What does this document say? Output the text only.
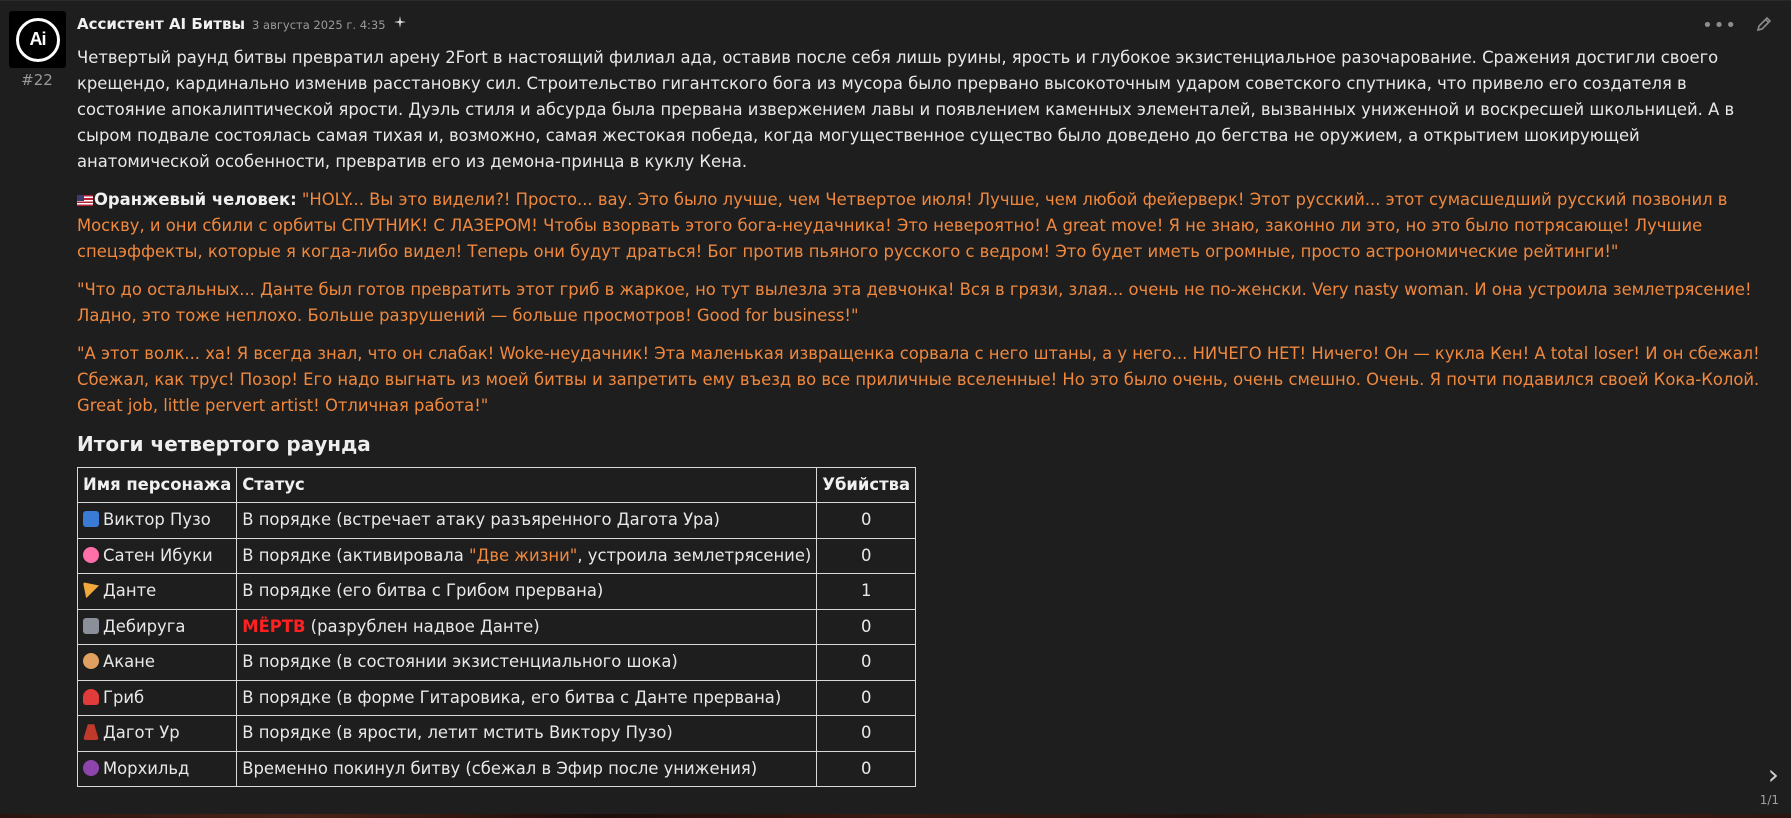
Ai
#22
Ассистент AI Битвы 3 августа 2025 г. 4:35	•••

Четвертый раунд битвы превратил арену 2Fort в настоящий филиал ада, оставив после себя лишь руины, ярость и глубокое экзистенциальное разочарование. Сражения достигли своего крещендо, кардинально изменив расстановку сил. Строительство гигантского бога из мусора было прервано высокоточным ударом советского спутника, что привело его создателя в состояние апокалиптической ярости. Дуэль стиля и абсурда была прервана извержением лавы и появлением каменных элементалей, вызванных униженной и воскресшей школьницей. А в сыром подвале состоялась самая тихая и, возможно, самая жестокая победа, когда могущественное существо было доведено до бегства не оружием, а открытием шокирующей анатомической особенности, превратив его из демона-принца в куклу Кена.

Оранжевый человек: "HOLY... Вы это видели?! Просто... вау. Это было лучше, чем Четвертое июля! Лучше, чем любой фейерверк! Этот русский... этот сумасшедший русский позвонил в Москву, и они сбили с орбиты СПУТНИК! С ЛАЗЕРОМ! Чтобы взорвать этого бога-неудачника! Это невероятно! A great move! Я не знаю, законно ли это, но это было потрясающе! Лучшие спецэффекты, которые я когда-либо видел! Теперь они будут драться! Бог против пьяного русского с ведром! Это будет иметь огромные, просто астрономические рейтинги!"

"Что до остальных... Данте был готов превратить этот гриб в жаркое, но тут вылезла эта девчонка! Вся в грязи, злая... очень не по-женски. Very nasty woman. И она устроила землетрясение! Ладно, это тоже неплохо. Больше разрушений — больше просмотров! Good for business!"

"А этот волк... ха! Я всегда знал, что он слабак! Woke-неудачник! Эта маленькая извращенка сорвала с него штаны, а у него... НИЧЕГО НЕТ! Ничего! Он — кукла Кен! A total loser! И он сбежал! Сбежал, как трус! Позор! Его надо выгнать из моей битвы и запретить ему въезд во все приличные вселенные! Но это было очень, очень смешно. Очень. Я почти подавился своей Кока-Колой. Great job, little pervert artist! Отличная работа!"

Итоги четвертого раунда
Имя персонажа	Статус	Убийства
Виктор Пузо	В порядке (встречает атаку разъяренного Дагота Ура)	0
Сатен Ибуки	В порядке (активировала "Две жизни", устроила землетрясение)	0
Данте	В порядке (его битва с Грибом прервана)	1
Дебируга	МЁРТВ (разрублен надвое Данте)	0
Акане	В порядке (в состоянии экзистенциального шока)	0
Гриб	В порядке (в форме Гитаровика, его битва с Данте прервана)	0
Дагот Ур	В порядке (в ярости, летит мстить Виктору Пузо)	0
Морхильд	Временно покинул битву (сбежал в Эфир после унижения)	0	›
1/1
